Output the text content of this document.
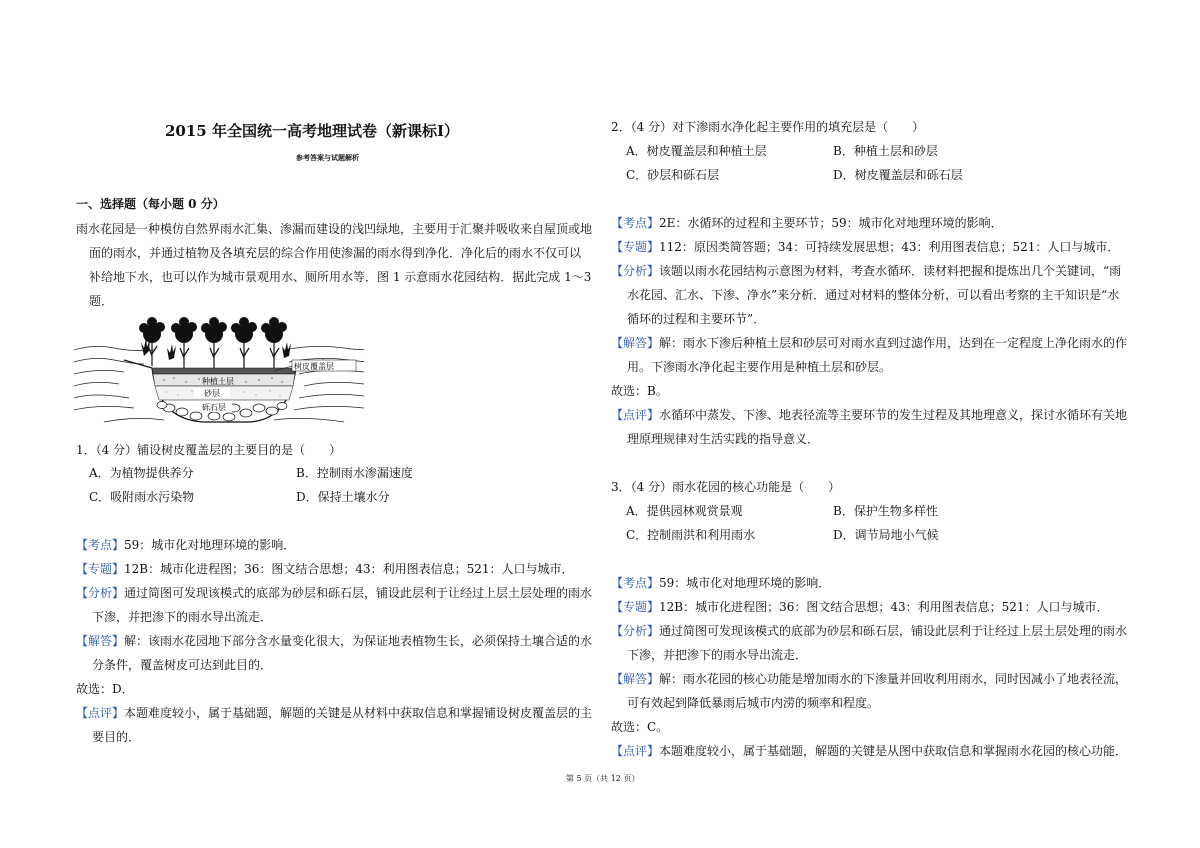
2015 年全国统一高考地理试卷（新课标Ⅰ）
参考答案与试题解析
一、选择题（每小题 0 分）
雨水花园是一种模仿自然界雨水汇集、渗漏而建设的浅凹绿地，主要用于汇聚并吸收来自屋顶或地
面的雨水，并通过植物及各填充层的综合作用使渗漏的雨水得到净化．净化后的雨水不仅可以
补给地下水，也可以作为城市景观用水、厕所用水等．图 1 示意雨水花园结构．据此完成 1～3
题．
树皮覆盖层
种植土层
砂层
砾石层
1．（4 分）铺设树皮覆盖层的主要目的是（　　）
A．为植物提供养分	B．控制雨水渗漏速度
C．吸附雨水污染物	D．保持土壤水分
【考点】59：城市化对地理环境的影响．
【专题】12B：城市化进程图；36：图文结合思想；43：利用图表信息；521：人口与城市．
【分析】通过简图可发现该模式的底部为砂层和砾石层，铺设此层利于让经过上层土层处理的雨水
下渗，并把渗下的雨水导出流走．
【解答】解：该雨水花园地下部分含水量变化很大，为保证地表植物生长，必须保持土壤合适的水
分条件，覆盖树皮可达到此目的．
故选：D．
【点评】本题难度较小，属于基础题，解题的关键是从材料中获取信息和掌握铺设树皮覆盖层的主
要目的．
2．（4 分）对下渗雨水净化起主要作用的填充层是（　　）
A．树皮覆盖层和种植土层	B．种植土层和砂层
C．砂层和砾石层	D．树皮覆盖层和砾石层
【考点】2E：水循环的过程和主要环节；59：城市化对地理环境的影响．
【专题】112：原因类简答题；34：可持续发展思想；43：利用图表信息；521：人口与城市．
【分析】该题以雨水花园结构示意图为材料，考查水循环．读材料把握和提炼出几个关键词，“雨
水花园、汇水、下渗、净水”来分析．通过对材料的整体分析，可以看出考察的主干知识是“水
循环的过程和主要环节”．
【解答】解：雨水下渗后种植土层和砂层可对雨水直到过滤作用，达到在一定程度上净化雨水的作
用。下渗雨水净化起主要作用是种植土层和砂层。
故选：B。
【点评】水循环中蒸发、下渗、地表径流等主要环节的发生过程及其地理意义，探讨水循环有关地
理原理规律对生活实践的指导意义．
3．（4 分）雨水花园的核心功能是（　　）
A．提供园林观赏景观	B．保护生物多样性
C．控制雨洪和利用雨水	D．调节局地小气候
【考点】59：城市化对地理环境的影响．
【专题】12B：城市化进程图；36：图文结合思想；43：利用图表信息；521：人口与城市．
【分析】通过简图可发现该模式的底部为砂层和砾石层，铺设此层利于让经过上层土层处理的雨水
下渗，并把渗下的雨水导出流走．
【解答】解：雨水花园的核心功能是增加雨水的下渗量并回收利用雨水，同时因减小了地表径流，
可有效起到降低暴雨后城市内涝的频率和程度。
故选：C。
【点评】本题难度较小，属于基础题，解题的关键是从图中获取信息和掌握雨水花园的核心功能．
第 5 页（共 12 页）
